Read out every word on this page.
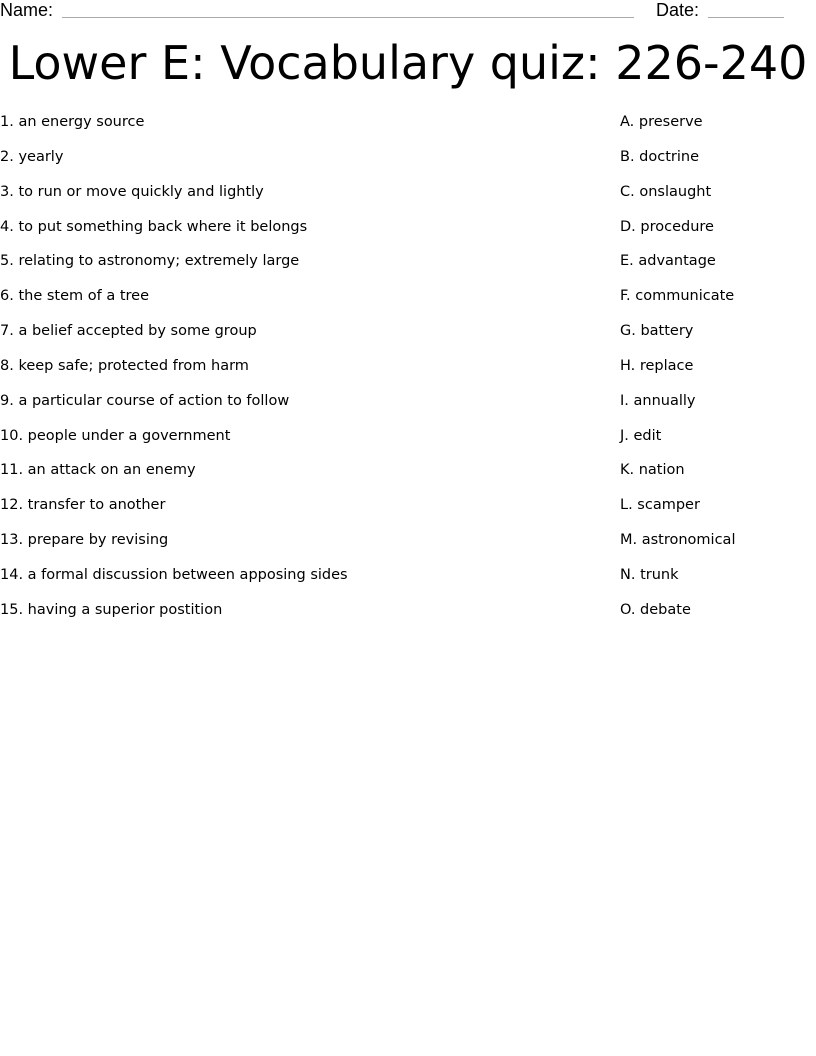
Name:	Date:
Lower E: Vocabulary quiz: 226-240
1. an energy source
2. yearly
3. to run or move quickly and lightly
4. to put something back where it belongs
5. relating to astronomy; extremely large
6. the stem of a tree
7. a belief accepted by some group
8. keep safe; protected from harm
9. a particular course of action to follow
10. people under a government
11. an attack on an enemy
12. transfer to another
13. prepare by revising
14. a formal discussion between apposing sides
15. having a superior postition
A. preserve
B. doctrine
C. onslaught
D. procedure
E. advantage
F. communicate
G. battery
H. replace
I. annually
J. edit
K. nation
L. scamper
M. astronomical
N. trunk
O. debate
